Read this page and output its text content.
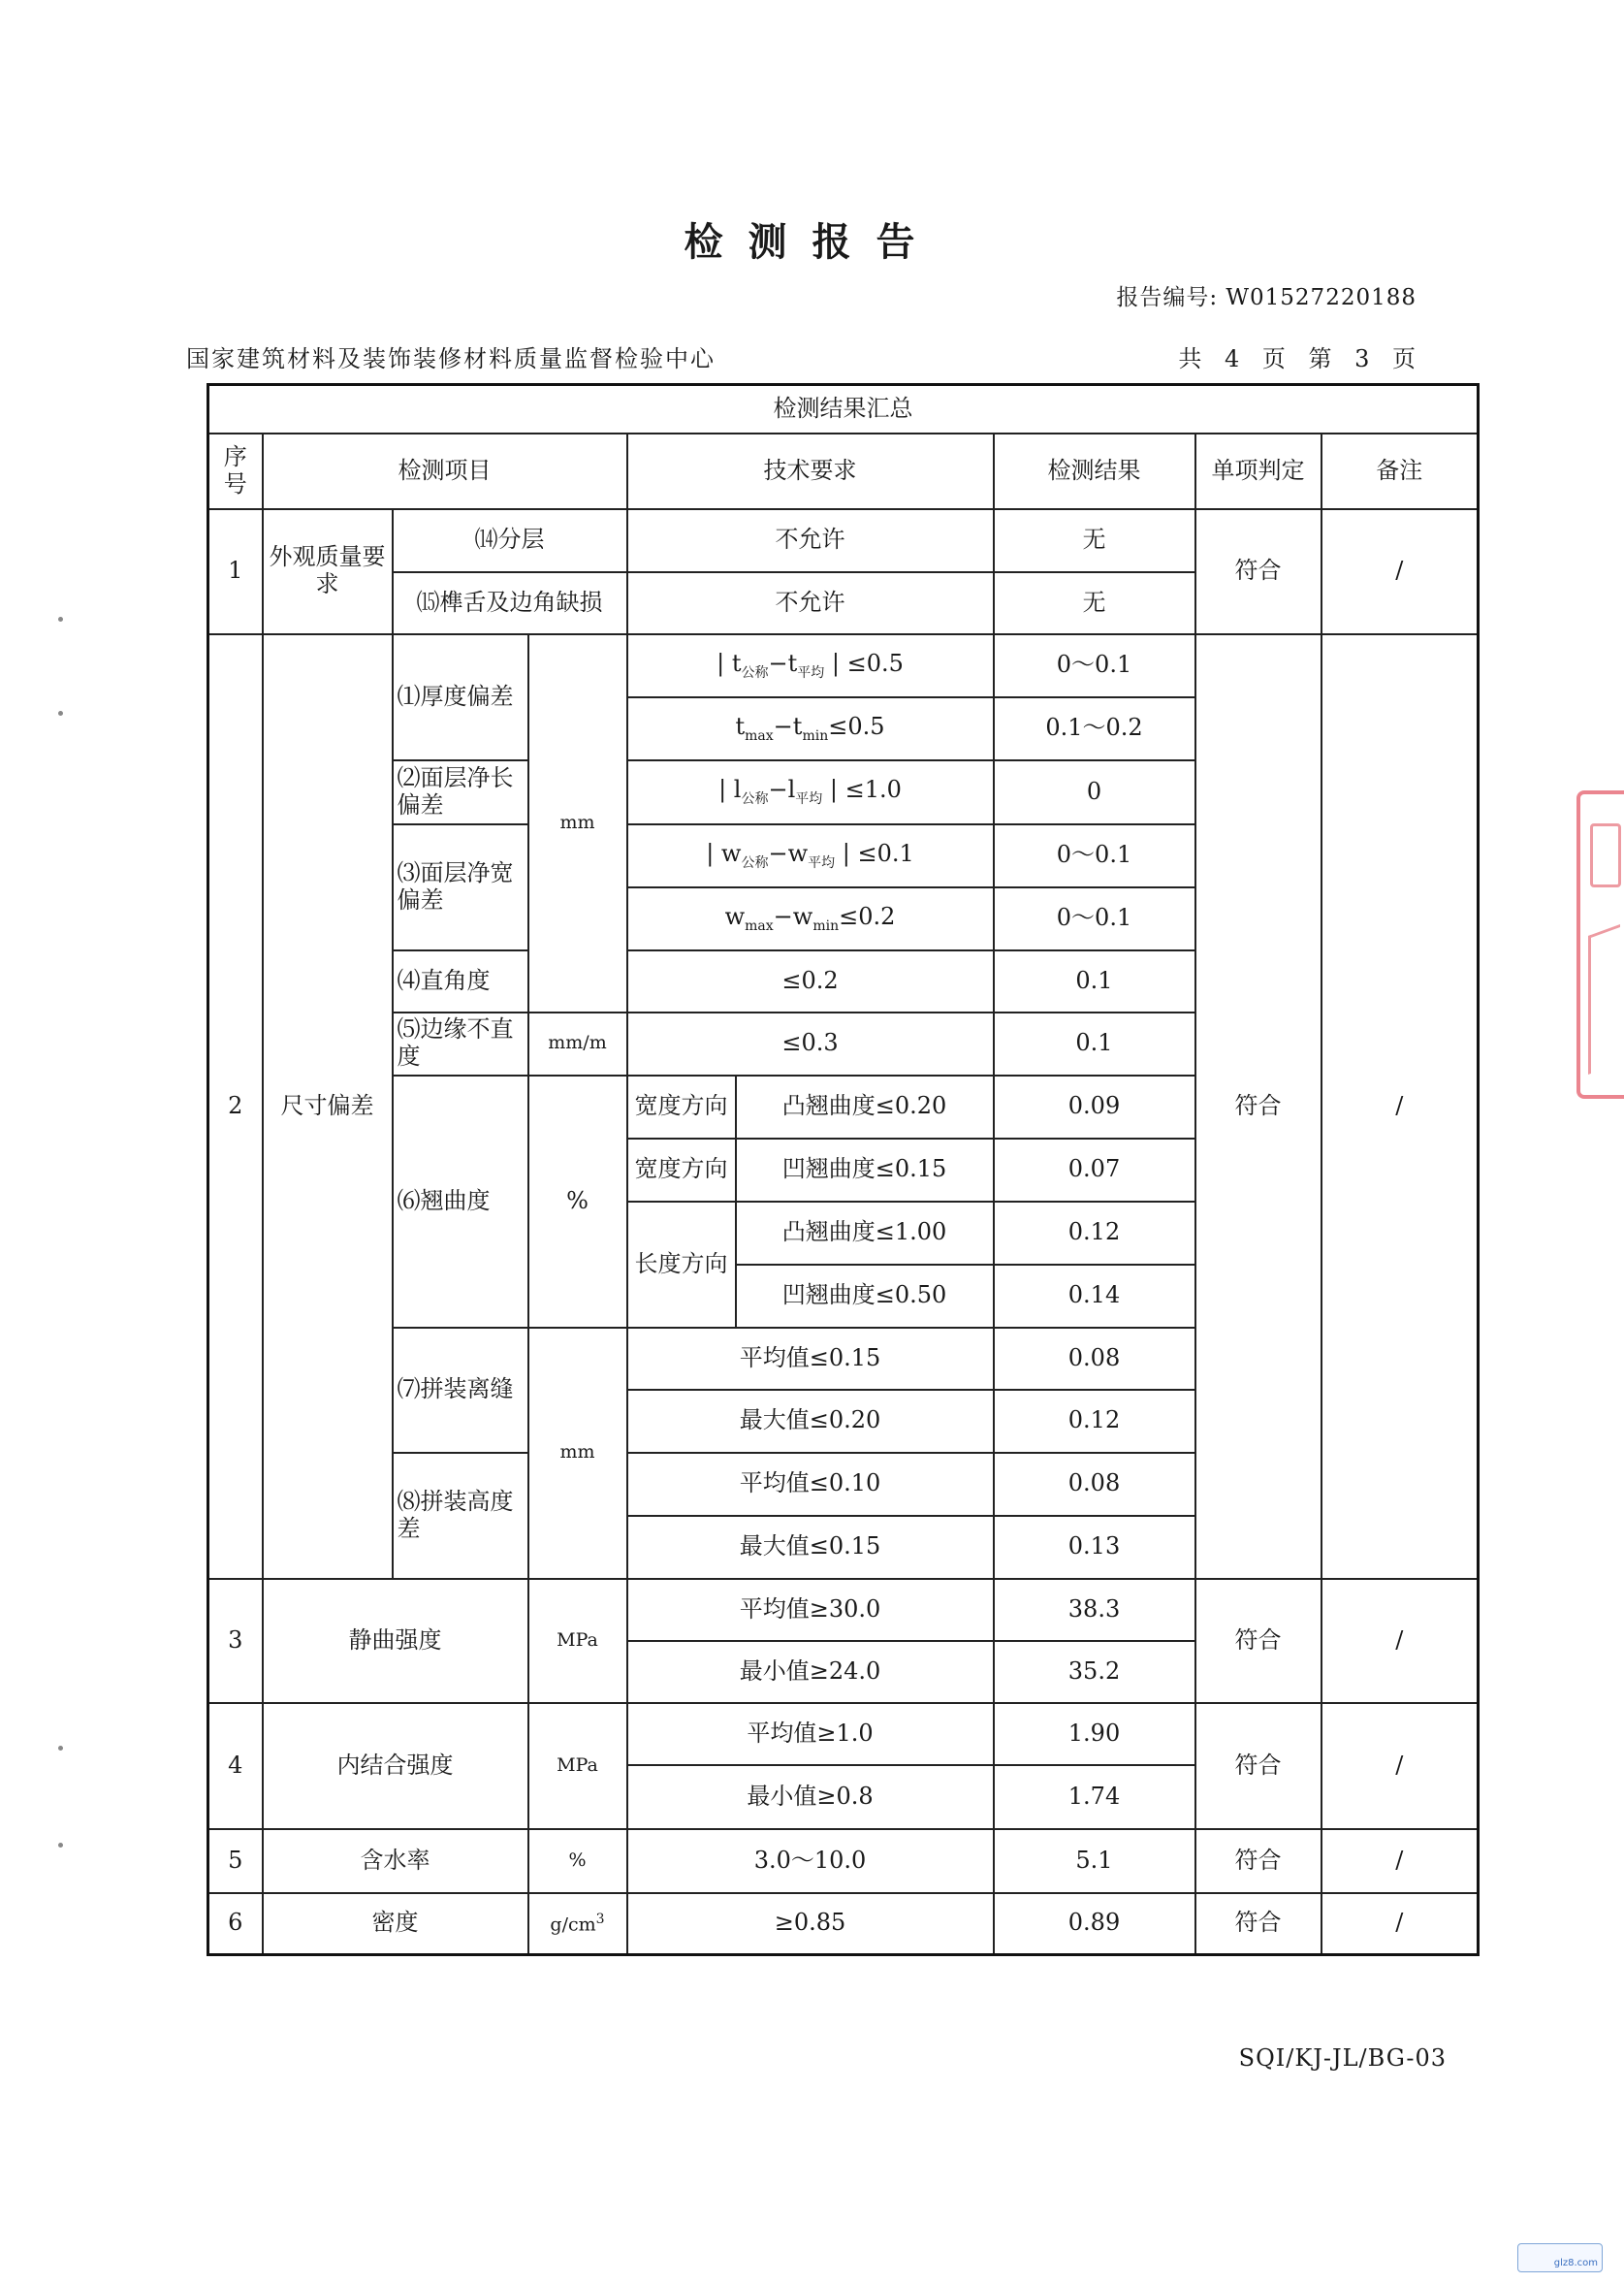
检测报告
报告编号: W01527220188
国家建筑材料及装饰装修材料质量监督检验中心	共 4 页 第 3 页
检测结果汇总								
序号	检测项目			技术要求		检测结果	单项判定	备注
1	外观质量要求	⒁分层		不允许		无	符合	/
		⒂榫舌及边角缺损		不允许		无		
2	尺寸偏差	⑴厚度偏差	mm	| $t_{公称}-t_{平均}$ | ≤0.5		0～0.1	符合	/
				$t_{max}-t_{min}\le 0.5$		0.1～0.2		
		⑵面层净长偏差		| $l_{公称}-l_{平均}$ | ≤1.0		0		
		⑶面层净宽偏差		| $w_{公称}-w_{平均}$ | ≤0.1		0～0.1		
				$w_{max}-w_{min}\le 0.2$		0～0.1		
		⑷直角度		≤0.2		0.1		
		⑸边缘不直度	mm/m	≤0.3		0.1		
		⑹翘曲度	%	宽度方向	凸翘曲度≤0.20	0.09		
				宽度方向	凹翘曲度≤0.15	0.07		
				长度方向	凸翘曲度≤1.00	0.12		
					凹翘曲度≤0.50	0.14		
		⑺拼装离缝	mm	平均值≤0.15		0.08		
				最大值≤0.20		0.12		
		⑻拼装高度差		平均值≤0.10		0.08		
				最大值≤0.15		0.13		
3	静曲强度		MPa	平均值≥30.0		38.3	符合	/
				最小值≥24.0		35.2		
4	内结合强度		MPa	平均值≥1.0		1.90	符合	/
				最小值≥0.8		1.74		
5	含水率		%	3.0～10.0		5.1	符合	/
6	密度		$g/cm^3$	≥0.85		0.89	符合	/
SQI/KJ-JL/BG-03
glz8.com
